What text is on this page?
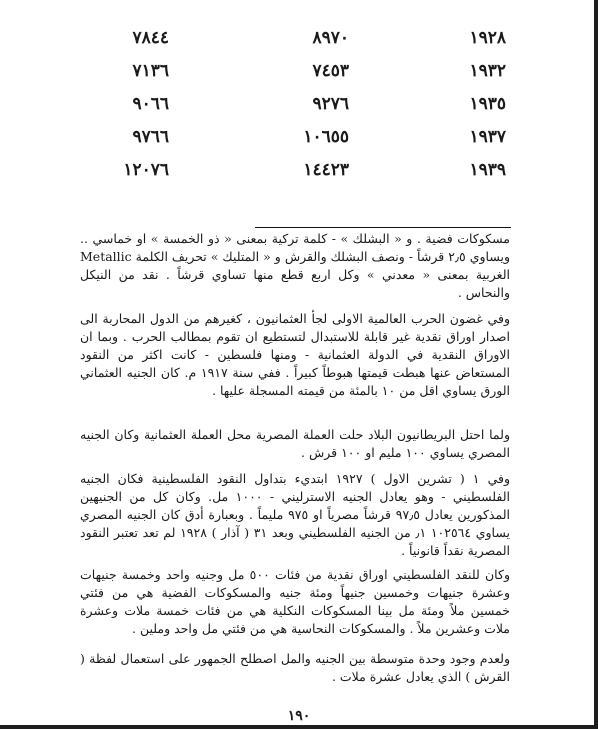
١٩٢٨
٨٩٧٠
٧٨٤٤
١٩٣٢
٧٤٥٣
٧١٣٦
١٩٣٥
٩٢٧٦
٩٠٦٦
١٩٣٧
١٠٦٥٥
٩٧٦٦
١٩٣٩
١٤٤٢٣
١٢٠٧٦

مسكوكات فضية . و « البشلك » - كلمة تركية بمعنى « ذو الخمسة » او خماسي .. ويساوي ٢٫٥ قرشاً - ونصف البشلك والقرش و « المتليك » تحريف الكلمة Metallic الغربية بمعنى « معدني » وكل اربع قطع منها تساوي قرشاً . نقد من النيكل والنحاس .

وفي غضون الحرب العالمية الاولى لجأ العثمانيون ، كغيرهم من الدول المحاربة الى اصدار اوراق نقدية غير قابلة للاستبدال لتستطيع ان تقوم بمطالب الحرب . وبما ان الاوراق النقدية في الدولة العثمانية - ومنها فلسطين - كانت اكثر من النقود المستعاض عنها هبطت قيمتها هبوطاً كبيراً . ففي سنة ١٩١٧ م. كان الجنيه العثماني الورق يساوي اقل من ١٠ بالمئة من قيمته المسجلة عليها .

ولما احتل البريطانيون البلاد حلت العملة المصرية محل العملة العثمانية وكان الجنيه المصري يساوي ١٠٠ مليم او ١٠٠ قرش .

وفي ١ ( تشرين الاول ) ١٩٢٧ ابتديء بتداول النقود الفلسطينية فكان الجنيه الفلسطيني - وهو يعادل الجنيه الاسترليني - ١٠٠٠ مل. وكان كل من الجنيهين المذكورين يعادل ٩٧٫٥ قرشاً مصرياً او ٩٧٥ مليماً . وبعبارة أدق كان الجنيه المصري يساوي ١٠٢٥٦٤ ٫١ من الجنيه الفلسطيني وبعد ٣١ ( آذار ) ١٩٢٨ لم تعد تعتبر النقود المصرية نقداً قانونياً .

وكان للنقد الفلسطيني اوراق نقدية من فئات ٥٠٠ مل وجنيه واحد وخمسة جنيهات وعشرة جنيهات وخمسين جنيهاً ومئة جنيه والمسكوكات الفضية هي من فئتي خمسين ملاً ومئة مل بينا المسكوكات النكلية هي من فئات خمسة ملات وعشرة ملات وعشرين ملاً . والمسكوكات النحاسية هي من فئتي مل واحد وملين .

ولعدم وجود وحدة متوسطة بين الجنيه والمل اصطلح الجمهور على استعمال لفظة ( القرش ) الذي يعادل عشرة ملات .

١٩٠
